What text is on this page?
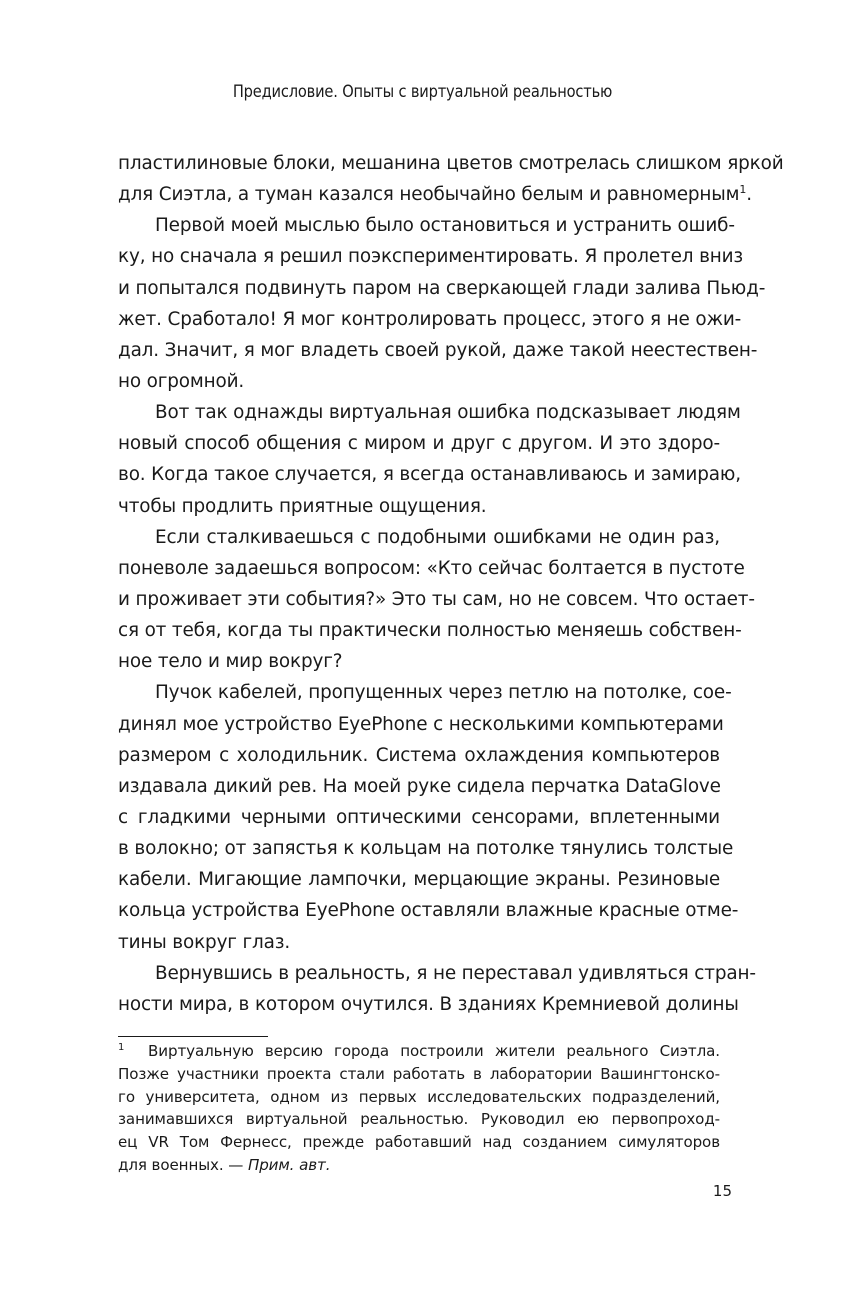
Предисловие. Опыты с виртуальной реальностью
пластилиновые блоки, мешанина цветов смотрелась слишком яркой
для Сиэтла, а туман казался необычайно белым и равномерным$^1$.
Первой моей мыслью было остановиться и устранить ошиб-
ку, но сначала я решил поэкспериментировать. Я пролетел вниз
и попытался подвинуть паром на сверкающей глади залива Пьюд-
жет. Сработало! Я мог контролировать процесс, этого я не ожи-
дал. Значит, я мог владеть своей рукой, даже такой неестествен-
но огромной.
Вот так однажды виртуальная ошибка подсказывает людям
новый способ общения с миром и друг с другом. И это здоро-
во. Когда такое случается, я всегда останавливаюсь и замираю,
чтобы продлить приятные ощущения.
Если сталкиваешься с подобными ошибками не один раз,
поневоле задаешься вопросом: «Кто сейчас болтается в пустоте
и проживает эти события?» Это ты сам, но не совсем. Что остает-
ся от тебя, когда ты практически полностью меняешь собствен-
ное тело и мир вокруг?
Пучок кабелей, пропущенных через петлю на потолке, сое-
динял мое устройство EyePhone с несколькими компьютерами
размером с холодильник. Система охлаждения компьютеров
издавала дикий рев. На моей руке сидела перчатка DataGlove
с гладкими черными оптическими сенсорами, вплетенными
в волокно; от запястья к кольцам на потолке тянулись толстые
кабели. Мигающие лампочки, мерцающие экраны. Резиновые
кольца устройства EyePhone оставляли влажные красные отме-
тины вокруг глаз.
Вернувшись в реальность, я не переставал удивляться стран-
ности мира, в котором очутился. В зданиях Кремниевой долины
1 Виртуальную версию города построили жители реального Сиэтла.
Позже участники проекта стали работать в лаборатории Вашингтонско-
го университета, одном из первых исследовательских подразделений,
занимавшихся виртуальной реальностью. Руководил ею первопроход-
ец VR Том Фернесс, прежде работавший над созданием симуляторов
для военных. — Прим. авт.
15
